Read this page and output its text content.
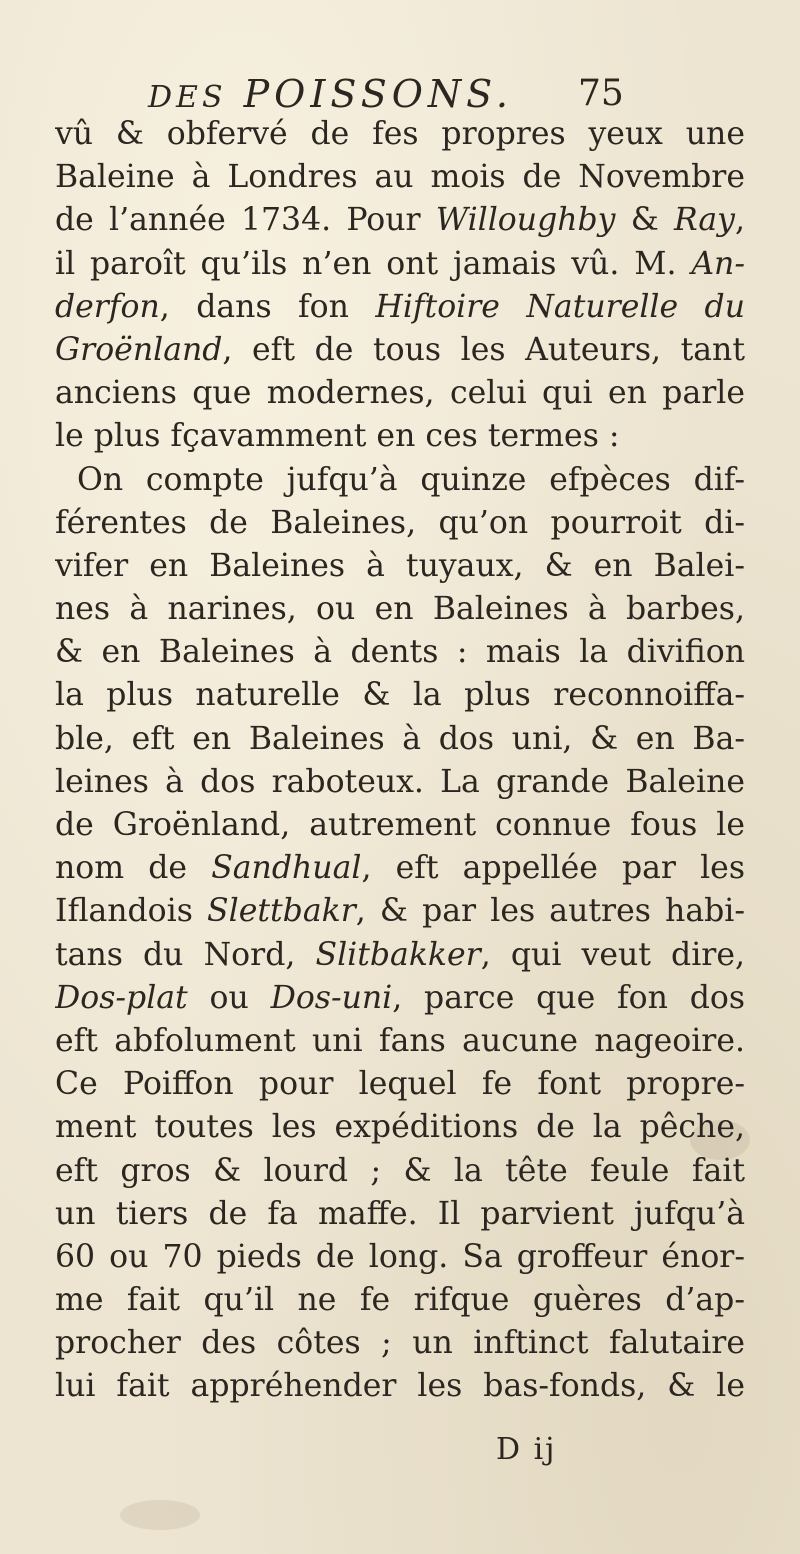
DES POISSONS.	75
vû & obfervé de fes propres yeux une
Baleine à Londres au mois de Novembre
de l’année 1734. Pour Willoughby & Ray,
il paroît qu’ils n’en ont jamais vû. M. An-
derfon, dans fon Hiftoire Naturelle du
Groënland, eft de tous les Auteurs, tant
anciens que modernes, celui qui en parle
le plus fçavamment en ces termes :
On compte jufqu’à quinze efpèces dif-
férentes de Baleines, qu’on pourroit di-
vifer en Baleines à tuyaux, & en Balei-
nes à narines, ou en Baleines à barbes,
& en Baleines à dents : mais la divifion
la plus naturelle & la plus reconnoiffa-
ble, eft en Baleines à dos uni, & en Ba-
leines à dos raboteux. La grande Baleine
de Groënland, autrement connue fous le
nom de Sandhual, eft appellée par les
Iflandois Slettbakr, & par les autres habi-
tans du Nord, Slitbakker, qui veut dire,
Dos-plat ou Dos-uni, parce que fon dos
eft abfolument uni fans aucune nageoire.
Ce Poiffon pour lequel fe font propre-
ment toutes les expéditions de la pêche,
eft gros & lourd ; & la tête feule fait
un tiers de fa maffe. Il parvient jufqu’à
60 ou 70 pieds de long. Sa groffeur énor-
me fait qu’il ne fe rifque guères d’ap-
procher des côtes ; un inftinct falutaire
lui fait appréhender les bas-fonds, & le
D ij
